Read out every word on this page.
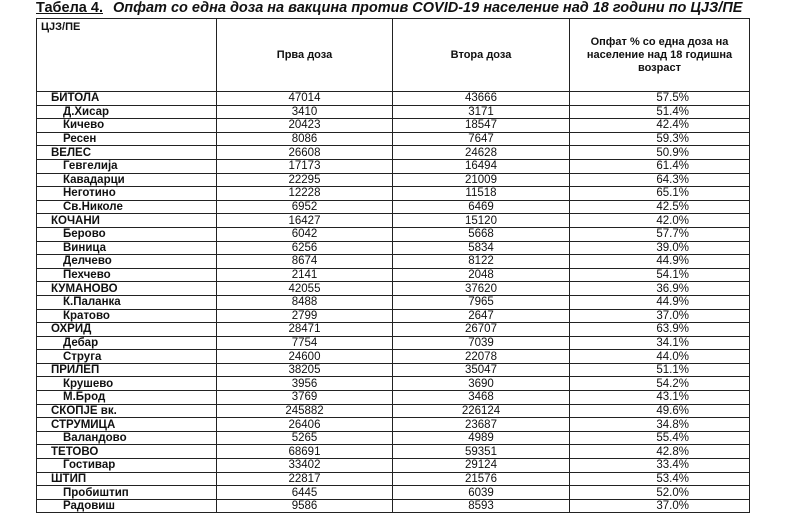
Табела 4. Опфат со една доза на вакцина против COVID-19 население над 18 години по ЦЈЗ/ПЕ
ЦЈЗ/ПЕ	Прва доза	Втора доза	Опфат % со една доза на население над 18 годишна возраст
БИТОЛА	47014	43666	57.5%
Д.Хисар	3410	3171	51.4%
Кичево	20423	18547	42.4%
Ресен	8086	7647	59.3%
ВЕЛЕС	26608	24628	50.9%
Гевгелија	17173	16494	61.4%
Кавадарци	22295	21009	64.3%
Неготино	12228	11518	65.1%
Св.Николе	6952	6469	42.5%
КОЧАНИ	16427	15120	42.0%
Берово	6042	5668	57.7%
Виница	6256	5834	39.0%
Делчево	8674	8122	44.9%
Пехчево	2141	2048	54.1%
КУМАНОВО	42055	37620	36.9%
К.Паланка	8488	7965	44.9%
Кратово	2799	2647	37.0%
ОХРИД	28471	26707	63.9%
Дебар	7754	7039	34.1%
Струга	24600	22078	44.0%
ПРИЛЕП	38205	35047	51.1%
Крушево	3956	3690	54.2%
М.Брод	3769	3468	43.1%
СКОПЈЕ вк.	245882	226124	49.6%
СТРУМИЦА	26406	23687	34.8%
Валандово	5265	4989	55.4%
ТЕТОВО	68691	59351	42.8%
Гостивар	33402	29124	33.4%
ШТИП	22817	21576	53.4%
Пробиштип	6445	6039	52.0%
Радовиш	9586	8593	37.0%
